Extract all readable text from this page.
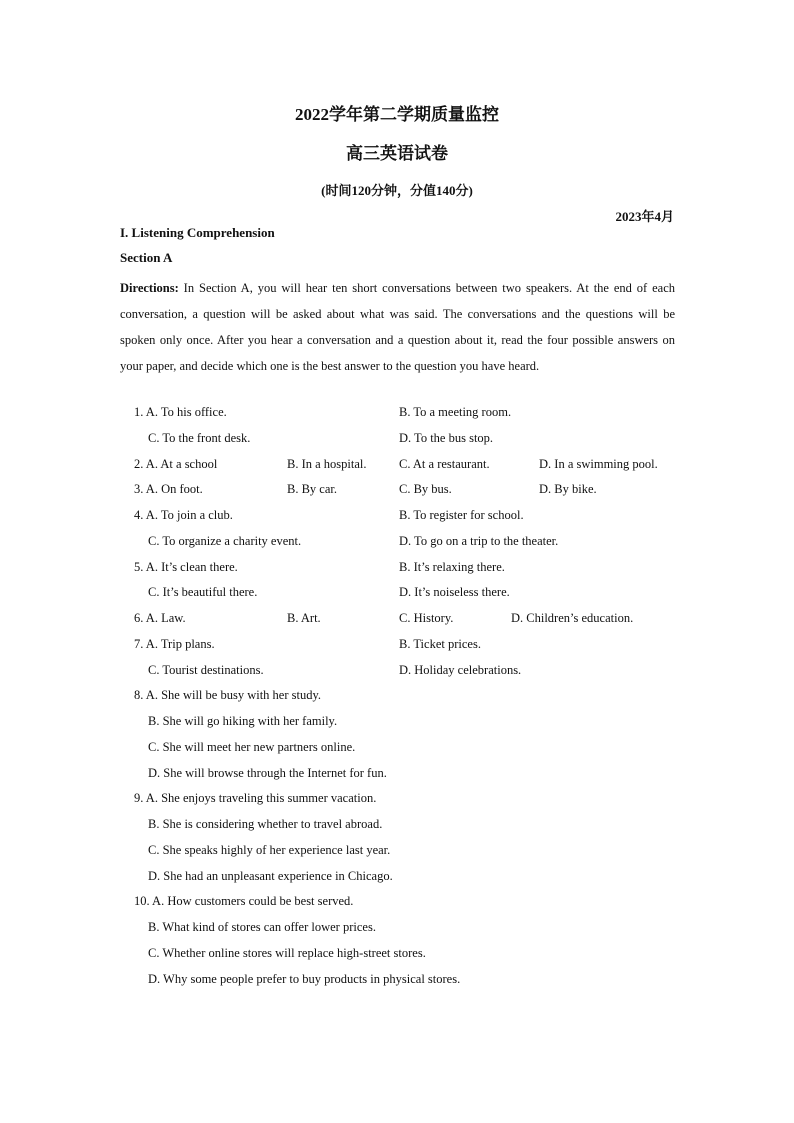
2022学年第二学期质量监控
高三英语试卷
(时间120分钟，分值140分)
2023年4月
I. Listening Comprehension
Section A
Directions: In Section A, you will hear ten short conversations between two speakers. At the end of each conversation, a question will be asked about what was said. The conversations and the questions will be spoken only once. After you hear a conversation and a question about it, read the four possible answers on your paper, and decide which one is the best answer to the question you have heard.
1. A. To his office.	B. To a meeting room.
C. To the front desk.	D. To the bus stop.
2. A. At a school	B. In a hospital.	C. At a restaurant.	D. In a swimming pool.
3. A. On foot.	B. By car.	C. By bus.	D. By bike.
4. A. To join a club.	B. To register for school.
C. To organize a charity event.	D. To go on a trip to the theater.
5. A. It’s clean there.	B. It’s relaxing there.
C. It’s beautiful there.	D. It’s noiseless there.
6. A. Law.	B. Art.	C. History.	D. Children’s education.
7. A. Trip plans.	B. Ticket prices.
C. Tourist destinations.	D. Holiday celebrations.
8. A. She will be busy with her study.
B. She will go hiking with her family.
C. She will meet her new partners online.
D. She will browse through the Internet for fun.
9. A. She enjoys traveling this summer vacation.
B. She is considering whether to travel abroad.
C. She speaks highly of her experience last year.
D. She had an unpleasant experience in Chicago.
10. A. How customers could be best served.
B. What kind of stores can offer lower prices.
C. Whether online stores will replace high-street stores.
D. Why some people prefer to buy products in physical stores.
